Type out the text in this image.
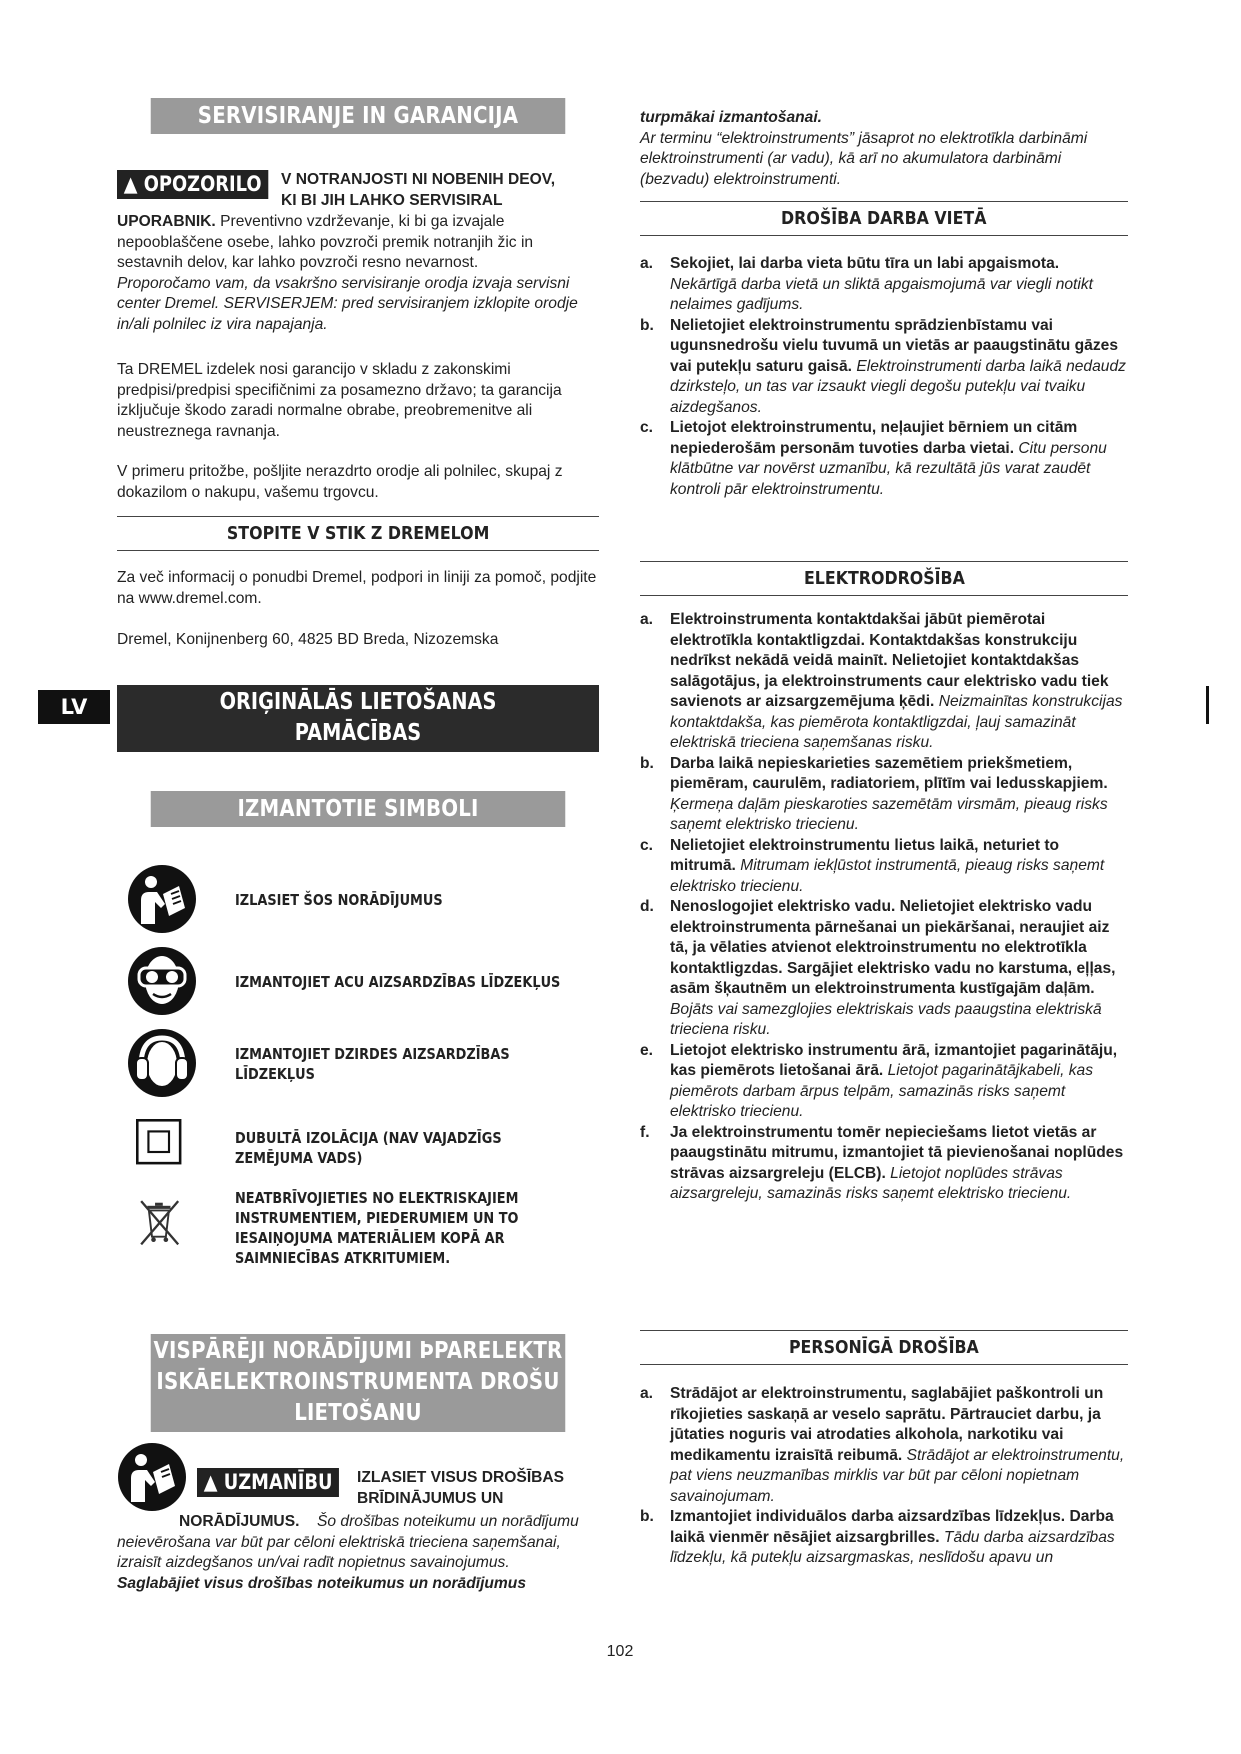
SERVISIRANJE IN GARANCIJA
▲ OPOZORILO	V NOTRANJOSTI NI NOBENIH DEOV,
KI BI JIH LAHKO SERVISIRAL
UPORABNIK. Preventivno vzdrževanje, ki bi ga izvajale nepooblaščene osebe, lahko povzroči premik notranjih žic in sestavnih delov, kar lahko povzroči resno nevarnost.
Proporočamo vam, da vsakršno servisiranje orodja izvaja servisni center Dremel. SERVISERJEM: pred servisiranjem izklopite orodje in/ali polnilec iz vira napajanja.
Ta DREMEL izdelek nosi garancijo v skladu z zakonskimi predpisi/predpisi specifičnimi za posamezno državo; ta garancija izključuje škodo zaradi normalne obrabe, preobremenitve ali neustreznega ravnanja.
V primeru pritožbe, pošljite nerazdrto orodje ali polnilec, skupaj z dokazilom o nakupu, vašemu trgovcu.
STOPITE V STIK Z DREMELOM
Za več informacij o ponudbi Dremel, podpori in liniji za pomoč, podjite na www.dremel.com.
Dremel, Konijnenberg 60, 4825 BD Breda, Nizozemska
LV	ORIĢINĀLĀS LIETOŠANAS PAMĀCĪBAS
TULKOJUMS
IZMANTOTIE SIMBOLI
IZLASIET ŠOS NORĀDĪJUMUS
IZMANTOJIET ACU AIZSARDZĪBAS LĪDZEKĻUS
IZMANTOJIET DZIRDES AIZSARDZĪBAS LĪDZEKĻUS
DUBULTĀ IZOLĀCIJA (NAV VAJADZĪGS ZEMĒJUMA VADS)
NEATBRĪVOJIETIES NO ELEKTRISKAJIEM INSTRUMENTIEM, PIEDERUMIEM UN TO IESAIŅOJUMA MATERIĀLIEM KOPĀ AR SAIMNIECĪBAS ATKRITUMIEM.
VISPĀRĒJI NORĀDĪJUMI ÞPARELEKTR
ISKĀELEKTROINSTRUMENTA DROŠU
LIETOŠANU
▲ UZMANĪBU	IZLASIET VISUS DROŠĪBAS
BRĪDINĀJUMUS UN
NORĀDĪJUMUS.	Šo drošības noteikumu un norādījumu neievērošana var būt par cēloni elektriskā trieciena saņemšanai, izraisīt aizdegšanos un/vai radīt nopietnus savainojumus.
Saglabājiet visus drošības noteikumus un norādījumus
turpmākai izmantošanai.
Ar terminu “elektroinstruments” jāsaprot no elektrotīkla darbināmi elektroinstrumenti (ar vadu), kā arī no akumulatora darbināmi (bezvadu) elektroinstrumenti.
DROŠĪBA DARBA VIETĀ
a. Sekojiet, lai darba vieta būtu tīra un labi apgaismota. Nekārtīgā darba vietā un sliktā apgaismojumā var viegli notikt nelaimes gadījums.
b. Nelietojiet elektroinstrumentu sprādzienbīstamu vai ugunsnedrošu vielu tuvumā un vietās ar paaugstinātu gāzes vai putekļu saturu gaisā. Elektroinstrumenti darba laikā nedaudz dzirksteļo, un tas var izsaukt viegli degošu putekļu vai tvaiku aizdegšanos.
c. Lietojot elektroinstrumentu, neļaujiet bērniem un citām nepiederošām personām tuvoties darba vietai. Citu personu klātbūtne var novērst uzmanību, kā rezultātā jūs varat zaudēt kontroli pār elektroinstrumentu.
ELEKTRODROŠĪBA
a. Elektroinstrumenta kontaktdakšai jābūt piemērotai elektrotīkla kontaktligzdai. Kontaktdakšas konstrukciju nedrīkst nekādā veidā mainīt. Nelietojiet kontaktdakšas salāgotājus, ja elektroinstruments caur elektrisko vadu tiek savienots ar aizsargzemējuma ķēdi. Neizmainītas konstrukcijas kontaktdakša, kas piemērota kontaktligzdai, ļauj samazināt elektriskā trieciena saņemšanas risku.
b. Darba laikā nepieskarieties sazemētiem priekšmetiem, piemēram, caurulēm, radiatoriem, plītīm vai ledusskapjiem. Ķermeņa daļām pieskaroties sazemētām virsmām, pieaug risks saņemt elektrisko triecienu.
c. Nelietojiet elektroinstrumentu lietus laikā, neturiet to mitrumā. Mitrumam iekļūstot instrumentā, pieaug risks saņemt elektrisko triecienu.
d. Nenoslogojiet elektrisko vadu. Nelietojiet elektrisko vadu elektroinstrumenta pārnešanai un piekāršanai, neraujiet aiz tā, ja vēlaties atvienot elektroinstrumentu no elektrotīkla kontaktligzdas. Sargājiet elektrisko vadu no karstuma, eļļas, asām šķautnēm un elektroinstrumenta kustīgajām daļām. Bojāts vai samezglojies elektriskais vads paaugstina elektriskā trieciena risku.
e. Lietojot elektrisko instrumentu ārā, izmantojiet pagarinātāju, kas piemērots lietošanai ārā. Lietojot pagarinātājkabeli, kas piemērots darbam ārpus telpām, samazinās risks saņemt elektrisko triecienu.
f. Ja elektroinstrumentu tomēr nepieciešams lietot vietās ar paaugstinātu mitrumu, izmantojiet tā pievienošanai noplūdes strāvas aizsargreleju (ELCB). Lietojot noplūdes strāvas aizsargreleju, samazinās risks saņemt elektrisko triecienu.
PERSONĪGĀ DROŠĪBA
a. Strādājot ar elektroinstrumentu, saglabājiet paškontroli un rīkojieties saskaņā ar veselo saprātu. Pārtrauciet darbu, ja jūtaties noguris vai atrodaties alkohola, narkotiku vai medikamentu izraisītā reibumā. Strādājot ar elektroinstrumentu, pat viens neuzmanības mirklis var būt par cēloni nopietnam savainojumam.
b. Izmantojiet individuālos darba aizsardzības līdzekļus. Darba laikā vienmēr nēsājiet aizsargbrilles. Tādu darba aizsardzības līdzekļu, kā putekļu aizsargmaskas, neslīdošu apavu un
102
